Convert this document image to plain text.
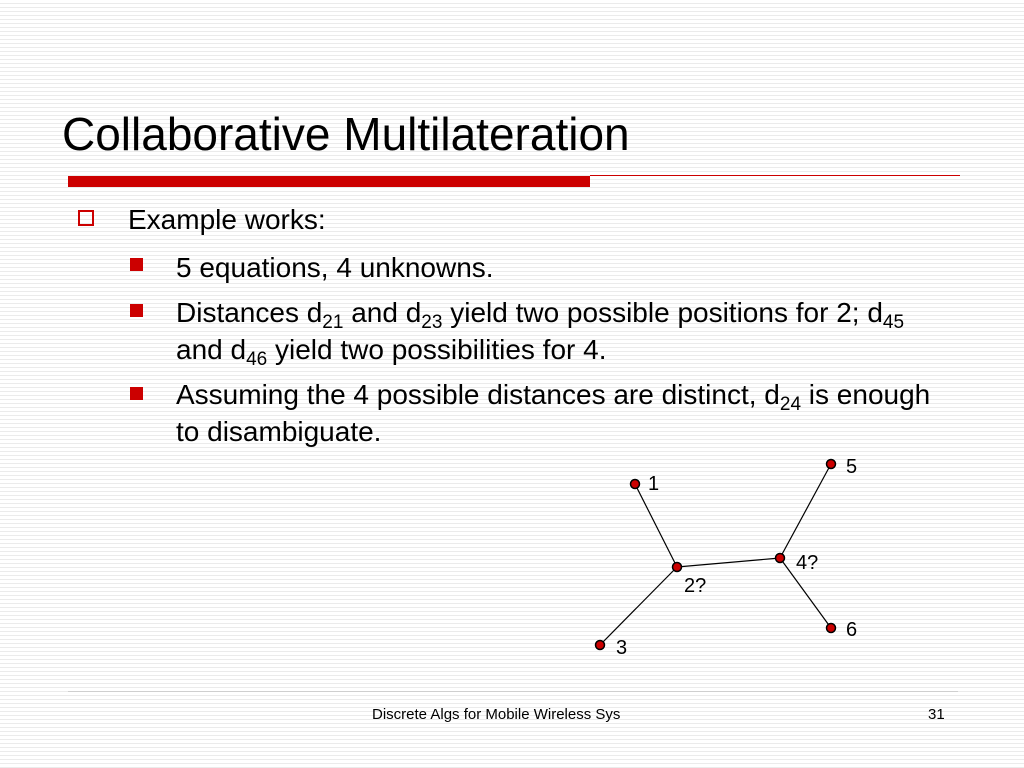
Collaborative Multilateration
Example works:
5 equations, 4 unknowns.
Distances $d_{21}$ and $d_{23}$ yield two possible positions for 2; $d_{45}$ and $d_{46}$ yield two possibilities for 4.
Assuming the 4 possible distances are distinct, $d_{24}$ is enough to disambiguate.
1
2?
3
4?
5
6
Discrete Algs for Mobile Wireless Sys	31
